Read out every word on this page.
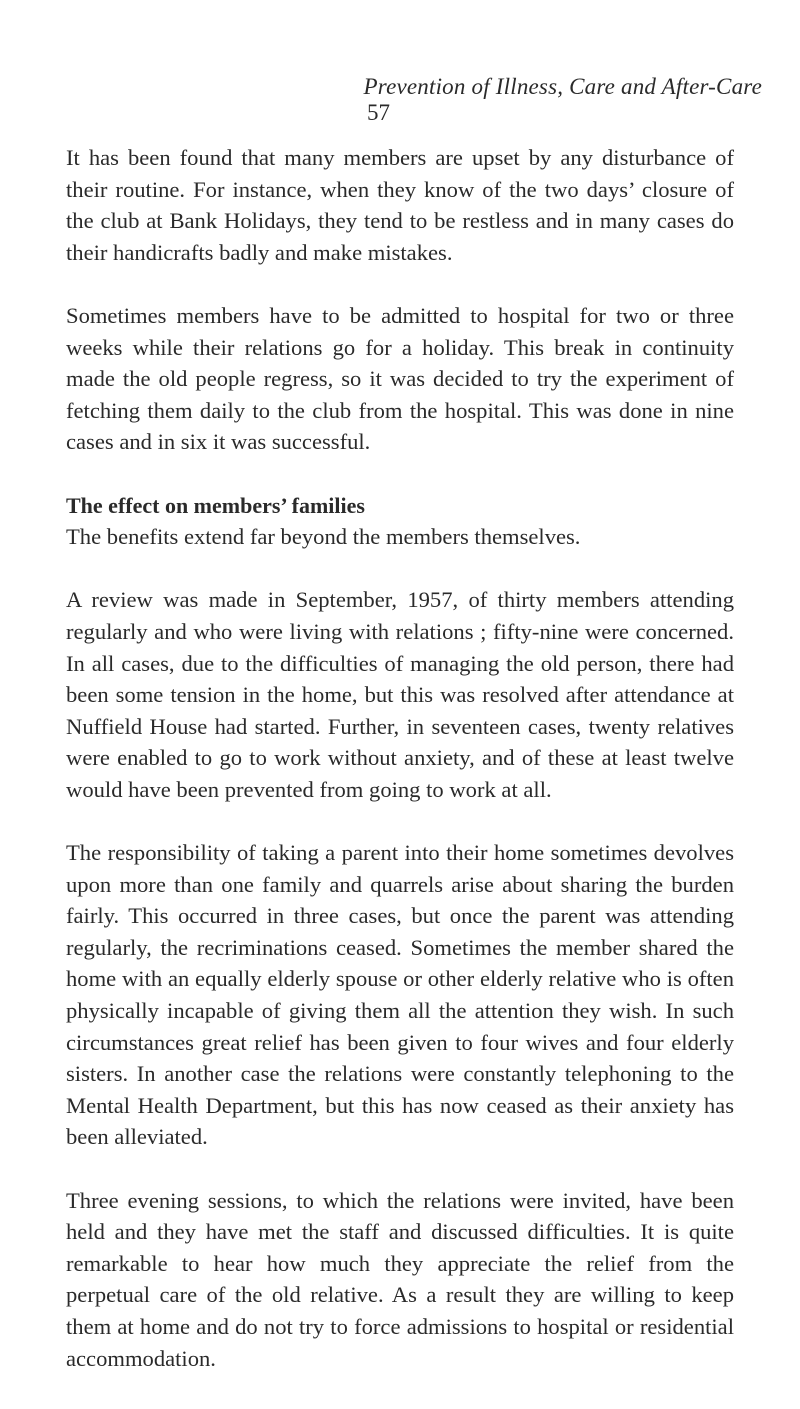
Prevention of Illness, Care and After-Care
57

It has been found that many members are upset by any disturbance of their routine. For instance, when they know of the two days’ closure of the club at Bank Holidays, they tend to be restless and in many cases do their handicrafts badly and make mistakes.

Sometimes members have to be admitted to hospital for two or three weeks while their relations go for a holiday. This break in continuity made the old people regress, so it was decided to try the experiment of fetching them daily to the club from the hospital. This was done in nine cases and in six it was successful.

The effect on members’ families

The benefits extend far beyond the members themselves.

A review was made in September, 1957, of thirty members attending regularly and who were living with relations ; fifty-nine were concerned. In all cases, due to the difficulties of managing the old person, there had been some tension in the home, but this was resolved after attendance at Nuffield House had started. Further, in seventeen cases, twenty relatives were enabled to go to work without anxiety, and of these at least twelve would have been prevented from going to work at all.

The responsibility of taking a parent into their home sometimes devolves upon more than one family and quarrels arise about sharing the burden fairly. This occurred in three cases, but once the parent was attending regularly, the recriminations ceased. Sometimes the member shared the home with an equally elderly spouse or other elderly relative who is often physically incapable of giving them all the attention they wish. In such circumstances great relief has been given to four wives and four elderly sisters. In another case the relations were constantly telephoning to the Mental Health Department, but this has now ceased as their anxiety has been alleviated.

Three evening sessions, to which the relations were invited, have been held and they have met the staff and discussed difficulties. It is quite remarkable to hear how much they appreciate the relief from the perpetual care of the old relative. As a result they are willing to keep them at home and do not try to force admissions to hospital or residential accommodation.
